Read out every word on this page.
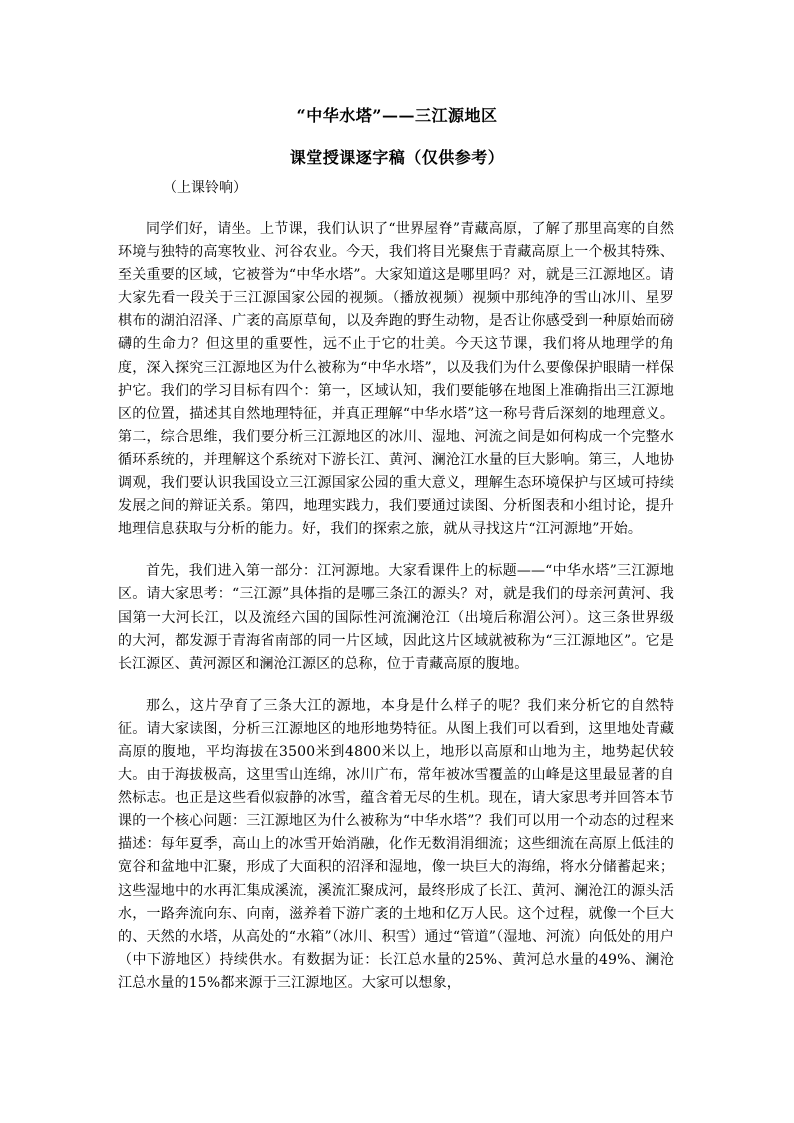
“中华水塔”——三江源地区
课堂授课逐字稿（仅供参考）

（上课铃响）

同学们好，请坐。上节课，我们认识了“世界屋脊”青藏高原，了解了那里高寒的自然环境与独特的高寒牧业、河谷农业。今天，我们将目光聚焦于青藏高原上一个极其特殊、至关重要的区域，它被誉为“中华水塔”。大家知道这是哪里吗？对，就是三江源地区。请大家先看一段关于三江源国家公园的视频。（播放视频）视频中那纯净的雪山冰川、星罗棋布的湖泊沼泽、广袤的高原草甸，以及奔跑的野生动物，是否让你感受到一种原始而磅礴的生命力？但这里的重要性，远不止于它的壮美。今天这节课，我们将从地理学的角度，深入探究三江源地区为什么被称为“中华水塔”，以及我们为什么要像保护眼睛一样保护它。我们的学习目标有四个：第一，区域认知，我们要能够在地图上准确指出三江源地区的位置，描述其自然地理特征，并真正理解“中华水塔”这一称号背后深刻的地理意义。第二，综合思维，我们要分析三江源地区的冰川、湿地、河流之间是如何构成一个完整水循环系统的，并理解这个系统对下游长江、黄河、澜沧江水量的巨大影响。第三，人地协调观，我们要认识我国设立三江源国家公园的重大意义，理解生态环境保护与区域可持续发展之间的辩证关系。第四，地理实践力，我们要通过读图、分析图表和小组讨论，提升地理信息获取与分析的能力。好，我们的探索之旅，就从寻找这片“江河源地”开始。

首先，我们进入第一部分：江河源地。大家看课件上的标题——“中华水塔”三江源地区。请大家思考：“三江源”具体指的是哪三条江的源头？对，就是我们的母亲河黄河、我国第一大河长江，以及流经六国的国际性河流澜沧江（出境后称湄公河）。这三条世界级的大河，都发源于青海省南部的同一片区域，因此这片区域就被称为“三江源地区”。它是长江源区、黄河源区和澜沧江源区的总称，位于青藏高原的腹地。

那么，这片孕育了三条大江的源地，本身是什么样子的呢？我们来分析它的自然特征。请大家读图，分析三江源地区的地形地势特征。从图上我们可以看到，这里地处青藏高原的腹地，平均海拔在3500米到4800米以上，地形以高原和山地为主，地势起伏较大。由于海拔极高，这里雪山连绵，冰川广布，常年被冰雪覆盖的山峰是这里最显著的自然标志。也正是这些看似寂静的冰雪，蕴含着无尽的生机。现在，请大家思考并回答本节课的一个核心问题：三江源地区为什么被称为“中华水塔”？我们可以用一个动态的过程来描述：每年夏季，高山上的冰雪开始消融，化作无数涓涓细流；这些细流在高原上低洼的宽谷和盆地中汇聚，形成了大面积的沼泽和湿地，像一块巨大的海绵，将水分储蓄起来；这些湿地中的水再汇集成溪流，溪流汇聚成河，最终形成了长江、黄河、澜沧江的源头活水，一路奔流向东、向南，滋养着下游广袤的土地和亿万人民。这个过程，就像一个巨大的、天然的水塔，从高处的“水箱”（冰川、积雪）通过“管道”（湿地、河流）向低处的用户（中下游地区）持续供水。有数据为证：长江总水量的25%、黄河总水量的49%、澜沧江总水量的15%都来源于三江源地区。大家可以想象，
